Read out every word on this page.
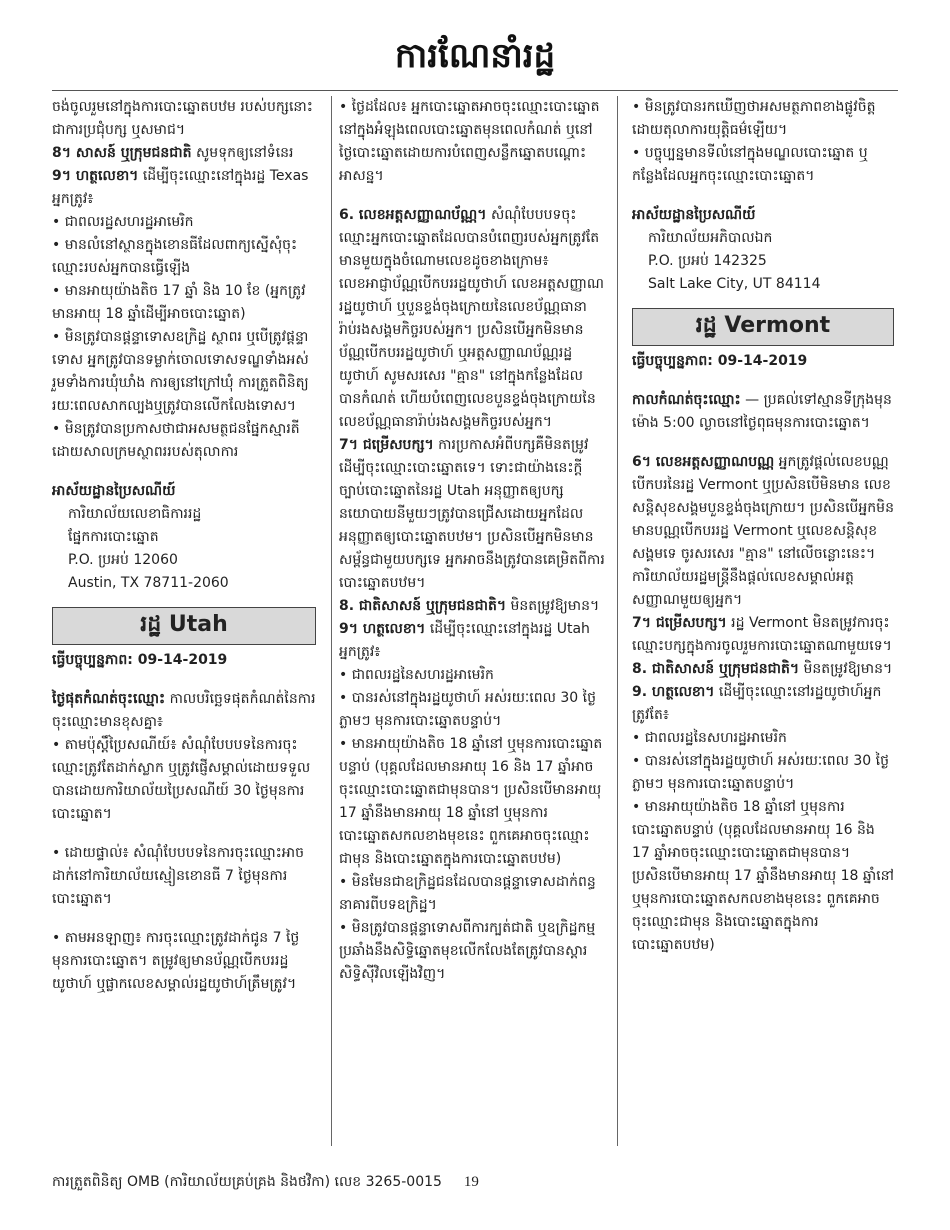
ការណែនាំរដ្ឋ

ចង់ចូលរួមនៅក្នុងការបោះឆ្នោតបឋម របស់បក្សនោះ ជាការប្រជុំបក្ស ឬសមាជ។

8។ សាសន៍ ឬក្រុមជនជាតិ សូមទុកឲ្យនៅទំនេរ

9។ ហត្ថលេខា។ ដើម្បីចុះឈ្មោះនៅក្នុងរដ្ឋ Texas អ្នកត្រូវ៖

• ជាពលរដ្ឋសហរដ្ឋអាមេរិក

• មានលំនៅស្ថានក្នុងខោនធីដែលពាក្យស្នើសុំចុះឈ្មោះរបស់អ្នកបានធ្វើឡើង

• មានអាយុយ៉ាងតិច 17 ឆ្នាំ និង 10 ខែ (អ្នកត្រូវមានអាយុ 18 ឆ្នាំដើម្បីអាចបោះឆ្នោត)

• មិនត្រូវបានផ្តន្ទាទោសឧក្រិដ្ឋ ស្ថាពរ ឬបើត្រូវផ្តន្ទាទោស អ្នកត្រូវបានទម្លាក់ចោលទោសទណ្ឌទាំងអស់ រួមទាំងការឃុំឃាំង ការឲ្យនៅក្រៅឃុំ ការត្រួតពិនិត្យ រយៈពេលសាកល្បងឬត្រូវបានលើកលែងទោស។

• មិនត្រូវបានប្រកាសថាជាអសមត្ថជនផ្នែកស្មារតីដោយសាលក្រមស្ថាពររបស់តុលាការ

អាស័យដ្ឋានប្រៃសណីយ៍

ការិយាល័យលេខាធិការរដ្ឋ

ផ្នែកការបោះឆ្នោត

P.O. ប្រអប់ 12060

Austin, TX 78711-2060

រដ្ឋ Utah

ធ្វើបច្ចុប្បន្នភាព: 09-14-2019

ថ្ងៃផុតកំណត់ចុះឈ្មោះ កាលបរិច្ឆេទផុតកំណត់នៃការចុះឈ្មោះមានខុសគ្នា៖

• តាមប៉ុស្តិ៍ប្រៃសណីយ៍៖ សំណុំបែបបទនៃការចុះឈ្មោះត្រូវតែដាក់ស្លាក ឬត្រូវផ្ញើសម្គាល់ដោយទទួលបានដោយការិយាល័យប្រៃសណីយ៍ 30 ថ្ងៃមុនការបោះឆ្នោត។

• ដោយផ្ទាល់៖ សំណុំបែបបទនៃការចុះឈ្មោះអាចដាក់នៅការិយាល័យស្មៀនខោនធី 7 ថ្ងៃមុនការបោះឆ្នោត។

• តាមអនឡាញ៖ ការចុះឈ្មោះត្រូវដាក់ជូន 7 ថ្ងៃមុនការបោះឆ្នោត។ តម្រូវឲ្យមានប័ណ្ណបើកបររដ្ឋយូថាហ៍ ឬផ្លាកលេខសម្គាល់រដ្ឋយូថាហ៍ត្រឹមត្រូវ។

• ថ្ងៃដដែល៖ អ្នកបោះឆ្នោតអាចចុះឈ្មោះបោះឆ្នោតនៅក្នុងអំឡុងពេលបោះឆ្នោតមុនពេលកំណត់ ឬនៅថ្ងៃបោះឆ្នោតដោយការបំពេញសន្លឹកឆ្នោតបណ្តោះអាសន្ន។

6. លេខអត្តសញ្ញាណប័ណ្ណ។ សំណុំបែបបទចុះឈ្មោះអ្នកបោះឆ្នោតដែលបានបំពេញរបស់អ្នកត្រូវតែមានមួយក្នុងចំណោមលេខដូចខាងក្រោម៖ លេខអាជ្ញាប័ណ្ណបើកបររដ្ឋយូថាហ៍ លេខអត្តសញ្ញាណរដ្ឋយូថាហ៍ ឬបួនខ្ទង់ចុងក្រោយនៃលេខប័ណ្ណធានារ៉ាប់រងសង្គមកិច្ចរបស់អ្នក។ ប្រសិនបើអ្នកមិនមានប័ណ្ណបើកបររដ្ឋយូថាហ៍ ឬអត្តសញ្ញាណប័ណ្ណរដ្ឋយូថាហ៍ សូមសរសេរ "គ្មាន" នៅក្នុងកន្លែងដែលបានកំណត់ ហើយបំពេញលេខបួនខ្ទង់ចុងក្រោយនៃលេខប័ណ្ណធានារ៉ាប់រងសង្គមកិច្ចរបស់អ្នក។

7។ ជម្រើសបក្ស។ ការប្រកាសអំពីបក្សគឺមិនតម្រូវដើម្បីចុះឈ្មោះបោះឆ្នោតទេ។ ទោះជាយ៉ាងនេះក្តី ច្បាប់បោះឆ្នោតនៃរដ្ឋ Utah អនុញ្ញាតឲ្យបក្សនយោបាយនីមួយៗត្រូវបានជ្រើសដោយអ្នកដែលអនុញ្ញាតឲ្យបោះឆ្នោតបឋម។ ប្រសិនបើអ្នកមិនមានសម្ព័ន្ធជាមួយបក្សទេ អ្នកអាចនឹងត្រូវបានគេម្រិតពីការបោះឆ្នោតបឋម។

8. ជាតិសាសន៍ ឬក្រុមជនជាតិ។ មិនតម្រូវឱ្យមាន។

9។ ហត្ថលេខា។ ដើម្បីចុះឈ្មោះនៅក្នុងរដ្ឋ Utah អ្នកត្រូវ៖

• ជាពលរដ្ឋនៃសហរដ្ឋអាមេរិក

• បានរស់នៅក្នុងរដ្ឋយូថាហ៍ អស់រយៈពេល 30 ថ្ងៃភ្លាមៗ មុនការបោះឆ្នោតបន្ទាប់។

• មានអាយុយ៉ាងតិច 18 ឆ្នាំនៅ ឬមុនការបោះឆ្នោតបន្ទាប់ (បុគ្គលដែលមានអាយុ 16 និង 17 ឆ្នាំអាចចុះឈ្មោះបោះឆ្នោតជាមុនបាន។ ប្រសិនបើមានអាយុ 17 ឆ្នាំនឹងមានអាយុ 18 ឆ្នាំនៅ ឬមុនការបោះឆ្នោតសកលខាងមុខនេះ ពួកគេអាចចុះឈ្មោះជាមុន និងបោះឆ្នោតក្នុងការបោះឆ្នោតបឋម)

• មិនមែនជាឧក្រិដ្ឋជនដែលបានផ្តន្ទាទោសដាក់ពន្ធនាគារពីបទឧក្រិដ្ឋ។

• មិនត្រូវបានផ្តន្ទាទោសពីការក្បត់ជាតិ ឬឧក្រិដ្ឋកម្មប្រឆាំងនឹងសិទ្ធិឆ្នោតមុខលើកលែងតែត្រូវបានស្តារសិទ្ធិស៊ីវិលឡើងវិញ។

• មិនត្រូវបានរកឃើញថាអសមត្ថភាពខាងផ្លូវចិត្តដោយតុលាការយុត្តិធម៌ឡើយ។

• បច្ចុប្បន្នមានទីលំនៅក្នុងមណ្ឌលបោះឆ្នោត ឬកន្លែងដែលអ្នកចុះឈ្មោះបោះឆ្នោត។

អាស័យដ្ឋានប្រៃសណីយ៍

ការិយាល័យអភិបាលឯក

P.O. ប្រអប់ 142325

Salt Lake City, UT 84114

រដ្ឋ Vermont

ធ្វើបច្ចុប្បន្នភាព: 09-14-2019

កាលកំណត់ចុះឈ្មោះ — ប្រគល់ទៅស្មានទីក្រុងមុនម៉ោង 5:00 ល្ងាចនៅថ្ងៃពុធមុនការបោះឆ្នោត។

6។ លេខអត្តសញ្ញាណបណ្ណ អ្នកត្រូវផ្តល់លេខបណ្ណបើកបរនៃរដ្ឋ Vermont ឬប្រសិនបើមិនមាន លេខសន្តិសុខសង្គមបួនខ្ទង់ចុងក្រោយ។ ប្រសិនបើអ្នកមិនមានបណ្ណបើកបររដ្ឋ Vermont ឬលេខសន្តិសុខសង្គមទេ ចូរសរសេរ "គ្មាន" នៅលើចន្លោះនេះ។ ការិយាល័យរដ្ឋមន្ត្រីនឹងផ្តល់លេខសម្គាល់អត្តសញ្ញាណមួយឲ្យអ្នក។

7។ ជម្រើសបក្ស។ រដ្ឋ Vermont មិនតម្រូវការចុះឈ្មោះបក្សក្នុងការចូលរួមការបោះឆ្នោតណាមួយទេ។

8. ជាតិសាសន៍ ឬក្រុមជនជាតិ។ មិនតម្រូវឱ្យមាន។

9. ហត្ថលេខា។ ដើម្បីចុះឈ្មោះនៅរដ្ឋយូថាហ៍អ្នកត្រូវតែ៖

• ជាពលរដ្ឋនៃសហរដ្ឋអាមេរិក

• បានរស់នៅក្នុងរដ្ឋយូថាហ៍ អស់រយៈពេល 30 ថ្ងៃភ្លាមៗ មុនការបោះឆ្នោតបន្ទាប់។

• មានអាយុយ៉ាងតិច 18 ឆ្នាំនៅ ឬមុនការបោះឆ្នោតបន្ទាប់ (បុគ្គលដែលមានអាយុ 16 និង 17 ឆ្នាំអាចចុះឈ្មោះបោះឆ្នោតជាមុនបាន។ ប្រសិនបើមានអាយុ 17 ឆ្នាំនឹងមានអាយុ 18 ឆ្នាំនៅ ឬមុនការបោះឆ្នោតសកលខាងមុខនេះ ពួកគេអាចចុះឈ្មោះជាមុន និងបោះឆ្នោតក្នុងការបោះឆ្នោតបឋម)

ការត្រួតពិនិត្យ OMB (ការិយាល័យគ្រប់គ្រង និងថវិកា) លេខ 3265-0015 19
